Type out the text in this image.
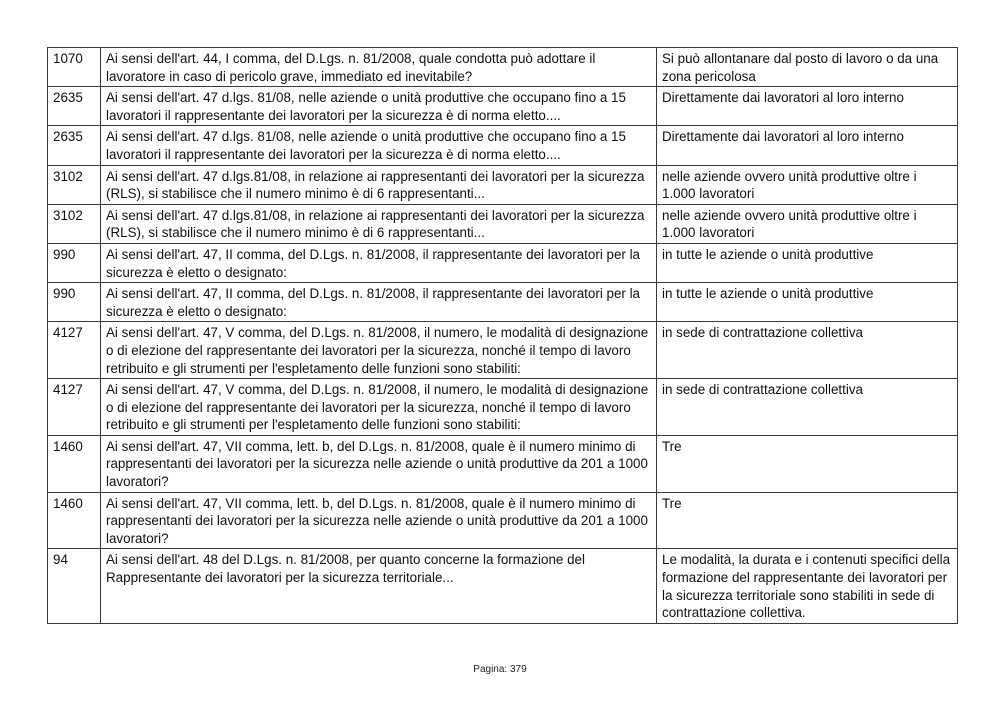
1070	Ai sensi dell'art. 44, I comma, del D.Lgs. n. 81/2008, quale condotta può adottare il lavoratore in caso di pericolo grave, immediato ed inevitabile?	Si può allontanare dal posto di lavoro o da una zona pericolosa
2635	Ai sensi dell'art. 47 d.lgs. 81/08, nelle aziende o unità produttive che occupano fino a 15 lavoratori il rappresentante dei lavoratori per la sicurezza è di norma eletto....	Direttamente dai lavoratori al loro interno
2635	Ai sensi dell'art. 47 d.lgs. 81/08, nelle aziende o unità produttive che occupano fino a 15 lavoratori il rappresentante dei lavoratori per la sicurezza è di norma eletto....	Direttamente dai lavoratori al loro interno
3102	Ai sensi dell'art. 47 d.lgs.81/08, in relazione ai rappresentanti dei lavoratori per la sicurezza (RLS), si stabilisce che il numero minimo è di 6 rappresentanti...	nelle aziende ovvero unità produttive oltre i 1.000 lavoratori
3102	Ai sensi dell'art. 47 d.lgs.81/08, in relazione ai rappresentanti dei lavoratori per la sicurezza (RLS), si stabilisce che il numero minimo è di 6 rappresentanti...	nelle aziende ovvero unità produttive oltre i 1.000 lavoratori
990	Ai sensi dell'art. 47, II comma, del D.Lgs. n. 81/2008, il rappresentante dei lavoratori per la sicurezza è eletto o designato:	in tutte le aziende o unità produttive
990	Ai sensi dell'art. 47, II comma, del D.Lgs. n. 81/2008, il rappresentante dei lavoratori per la sicurezza è eletto o designato:	in tutte le aziende o unità produttive
4127	Ai sensi dell'art. 47, V comma, del D.Lgs. n. 81/2008, il numero, le modalità di designazione o di elezione del rappresentante dei lavoratori per la sicurezza, nonché il tempo di lavoro retribuito e gli strumenti per l'espletamento delle funzioni sono stabiliti:	in sede di contrattazione collettiva
4127	Ai sensi dell'art. 47, V comma, del D.Lgs. n. 81/2008, il numero, le modalità di designazione o di elezione del rappresentante dei lavoratori per la sicurezza, nonché il tempo di lavoro retribuito e gli strumenti per l'espletamento delle funzioni sono stabiliti:	in sede di contrattazione collettiva
1460	Ai sensi dell'art. 47, VII comma, lett. b, del D.Lgs. n. 81/2008, quale è il numero minimo di rappresentanti dei lavoratori per la sicurezza nelle aziende o unità produttive da 201 a 1000 lavoratori?	Tre
1460	Ai sensi dell'art. 47, VII comma, lett. b, del D.Lgs. n. 81/2008, quale è il numero minimo di rappresentanti dei lavoratori per la sicurezza nelle aziende o unità produttive da 201 a 1000 lavoratori?	Tre
94	Ai sensi dell'art. 48 del D.Lgs. n. 81/2008, per quanto concerne la formazione del Rappresentante dei lavoratori per la sicurezza territoriale...	Le modalità, la durata e i contenuti specifici della formazione del rappresentante dei lavoratori per la sicurezza territoriale sono stabiliti in sede di contrattazione collettiva.
Pagina: 379
